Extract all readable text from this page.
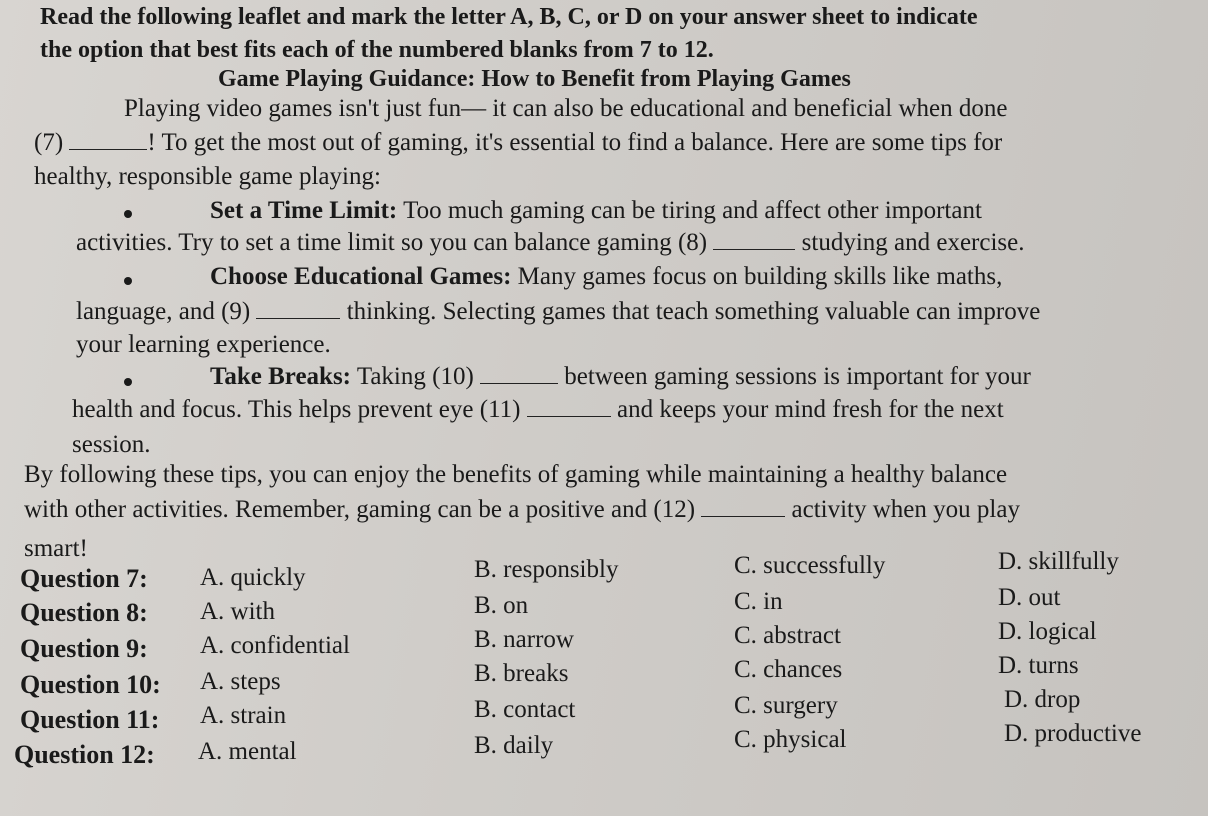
Read the following leaflet and mark the letter A, B, C, or D on your answer sheet to indicate
the option that best fits each of the numbered blanks from 7 to 12.
Game Playing Guidance: How to Benefit from Playing Games
Playing video games isn't just fun— it can also be educational and beneficial when done
(7)	! To get the most out of gaming, it's essential to find a balance. Here are some tips for
healthy, responsible game playing:
Set a Time Limit: Too much gaming can be tiring and affect other important
activities. Try to set a time limit so you can balance gaming (8)	studying and exercise.
Choose Educational Games: Many games focus on building skills like maths,
language, and (9)	thinking. Selecting games that teach something valuable can improve
your learning experience.
Take Breaks: Taking (10)	between gaming sessions is important for your
health and focus. This helps prevent eye (11)	and keeps your mind fresh for the next
session.
By following these tips, you can enjoy the benefits of gaming while maintaining a healthy balance
with other activities. Remember, gaming can be a positive and (12)	activity when you play
smart!
Question 7: A. quickly	B. responsibly	C. successfully	D. skillfully
Question 8: A. with	B. on	C. in	D. out
Question 9: A. confidential	B. narrow	C. abstract	D. logical
Question 10: A. steps	B. breaks	C. chances	D. turns
Question 11: A. strain	B. contact	C. surgery	D. drop
Question 12: A. mental	B. daily	C. physical	D. productive
